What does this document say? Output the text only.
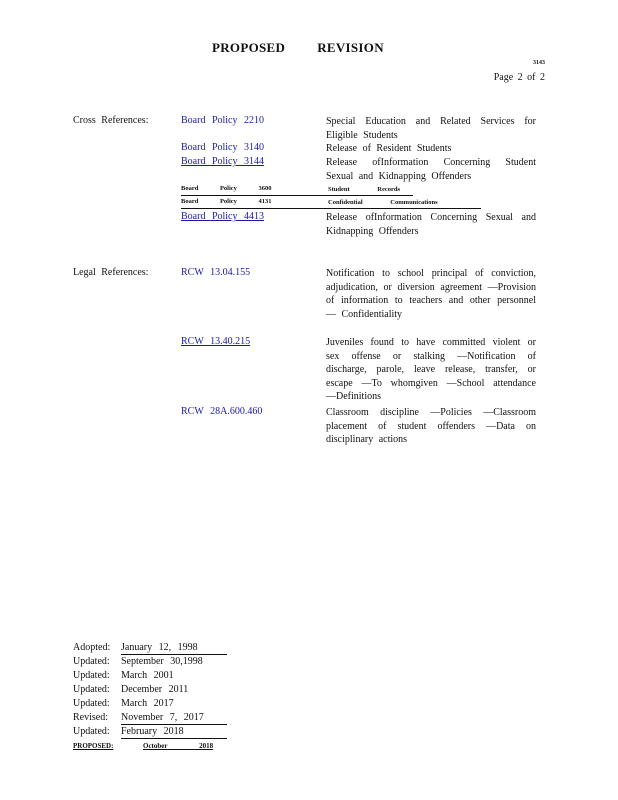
PROPOSED REVISION
3143
Page 2 of 2
Cross References:	Board Policy 2210	Special Education and Related Services for Eligible Students
Board Policy 3140	Release of Resident Students
Board Policy 3144	Release ofInformation Concerning Student Sexual and Kidnapping Offenders
Board Policy 3600	Student Records
Board Policy 4131	Confidential Communications
Board Policy 4413	Release ofInformation Concerning Sexual and Kidnapping Offenders
Legal References:	RCW 13.04.155	Notification to school principal of conviction, adjudication, or diversion agreement —Provision of information to teachers and other personnel — Confidentiality
RCW 13.40.215	Juveniles found to have committed violent or sex offense or stalking —Notification of discharge, parole, leave release, transfer, or escape —To whomgiven —School attendance —Definitions
RCW 28A.600.460	Classroom discipline —Policies —Classroom placement of student offenders —Data on disciplinary actions
Adopted: January 12, 1998
Updated: September 30,1998
Updated: March 2001
Updated: December 2011
Updated: March 2017
Revised: November 7, 2017
Updated: February 2018
PROPOSED:	October 2018
